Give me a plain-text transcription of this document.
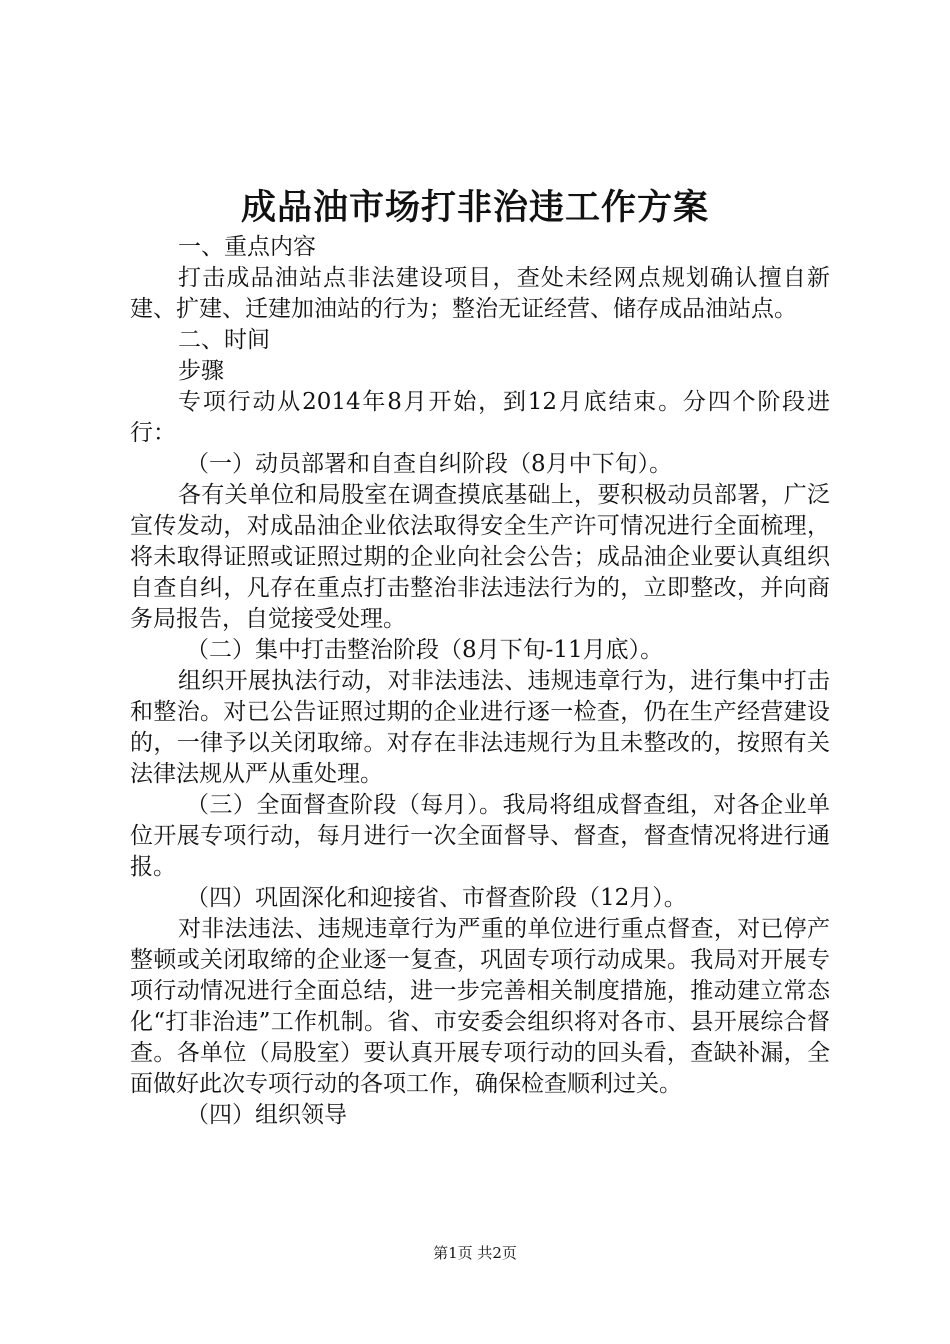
成品油市场打非治违工作方案

一、重点内容

打击成品油站点非法建设项目，查处未经网点规划确认擅自新建、扩建、迁建加油站的行为；整治无证经营、储存成品油站点。

二、时间

步骤

专项行动从2014年8月开始，到12月底结束。分四个阶段进行：

（一）动员部署和自查自纠阶段（8月中下旬）。

各有关单位和局股室在调查摸底基础上，要积极动员部署，广泛宣传发动，对成品油企业依法取得安全生产许可情况进行全面梳理，将未取得证照或证照过期的企业向社会公告；成品油企业要认真组织自查自纠，凡存在重点打击整治非法违法行为的，立即整改，并向商务局报告，自觉接受处理。

（二）集中打击整治阶段（8月下旬-11月底）。

组织开展执法行动，对非法违法、违规违章行为，进行集中打击和整治。对已公告证照过期的企业进行逐一检查，仍在生产经营建设的，一律予以关闭取缔。对存在非法违规行为且未整改的，按照有关法律法规从严从重处理。

（三）全面督查阶段（每月）。我局将组成督查组，对各企业单位开展专项行动，每月进行一次全面督导、督查，督查情况将进行通报。

（四）巩固深化和迎接省、市督查阶段（12月）。

对非法违法、违规违章行为严重的单位进行重点督查，对已停产整顿或关闭取缔的企业逐一复查，巩固专项行动成果。我局对开展专项行动情况进行全面总结，进一步完善相关制度措施，推动建立常态化“打非治违”工作机制。省、市安委会组织将对各市、县开展综合督查。各单位（局股室）要认真开展专项行动的回头看，查缺补漏，全面做好此次专项行动的各项工作，确保检查顺利过关。

（四）组织领导

第1页 共2页
